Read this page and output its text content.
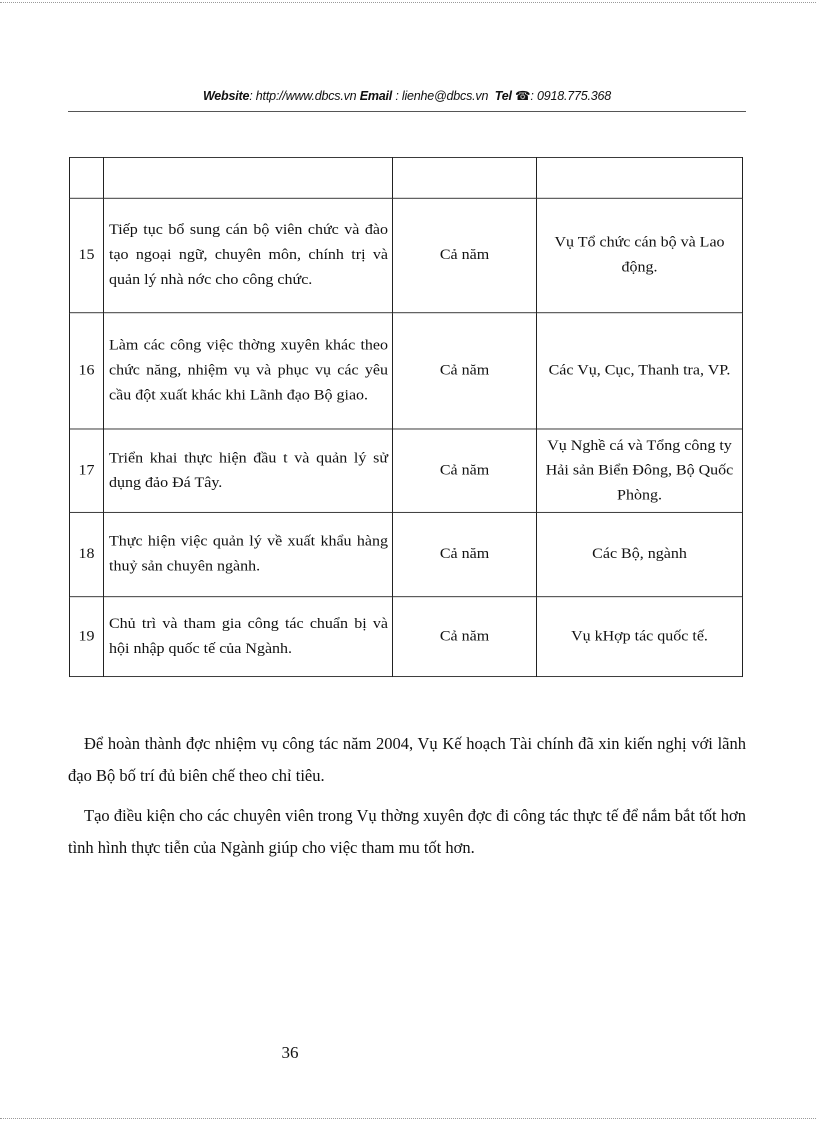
Website: http://www.dbcs.vn Email : lienhe@dbcs.vn Tel ☎: 0918.775.368

15	Tiếp tục bổ sung cán bộ viên chức và đào tạo ngoại ngữ, chuyên môn, chính trị và quản lý nhà nớc cho công chức.	Cả năm	Vụ Tổ chức cán bộ và Lao động.
16	Làm các công việc thờng xuyên khác theo chức năng, nhiệm vụ và phục vụ các yêu cầu đột xuất khác khi Lãnh đạo Bộ giao.	Cả năm	Các Vụ, Cục, Thanh tra, VP.
17	Triển khai thực hiện đầu t và quản lý sử dụng đảo Đá Tây.	Cả năm	Vụ Nghề cá và Tổng công ty Hải sản Biển Đông, Bộ Quốc Phòng.
18	Thực hiện việc quản lý về xuất khẩu hàng thuỷ sản chuyên ngành.	Cả năm	Các Bộ, ngành
19	Chủ trì và tham gia công tác chuẩn bị và hội nhập quốc tế của Ngành.	Cả năm	Vụ kHợp tác quốc tế.

Để hoàn thành đợc nhiệm vụ công tác năm 2004, Vụ Kế hoạch Tài chính đã xin kiến nghị với lãnh đạo Bộ bố trí đủ biên chế theo chỉ tiêu.

Tạo điều kiện cho các chuyên viên trong Vụ thờng xuyên đợc đi công tác thực tế để nắm bắt tốt hơn tình hình thực tiễn của Ngành giúp cho việc tham mu tốt hơn.

36
